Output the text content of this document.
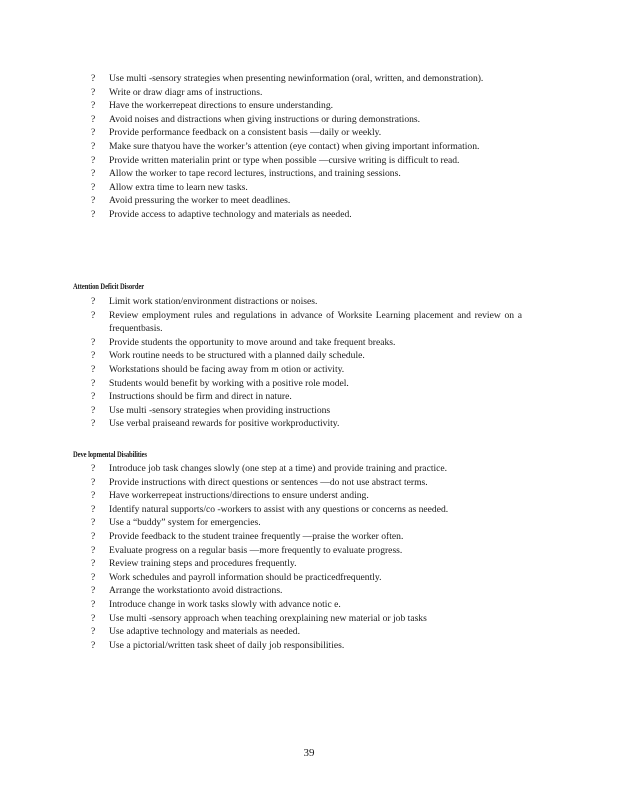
?	Use multi -sensory strategies when presenting newinformation (oral, written, and demonstration).
?	Write or draw diagr ams of instructions.
?	Have the workerrepeat directions to ensure understanding.
?	Avoid noises and distractions when giving instructions or during demonstrations.
?	Provide performance feedback on a consistent basis —daily or weekly.
?	Make sure thatyou have the worker’s attention (eye contact) when giving important information.
?	Provide written materialin print or type when possible —cursive writing is difficult to read.
?	Allow the worker to tape record lectures, instructions, and training sessions.
?	Allow extra time to learn new tasks.
?	Avoid pressuring the worker to meet deadlines.
?	Provide access to adaptive technology and materials as needed.
Attention Deficit Disorder
?	Limit work station/environment distractions or noises.
?	Review employment rules and regulations in advance of Worksite Learning placement and review on a frequentbasis.
?	Provide students the opportunity to move around and take frequent breaks.
?	Work routine needs to be structured with a planned daily schedule.
?	Workstations should be facing away from m otion or activity.
?	Students would benefit by working with a positive role model.
?	Instructions should be firm and direct in nature.
?	Use multi -sensory strategies when providing instructions
?	Use verbal praiseand rewards for positive workproductivity.
Deve lopmental Disabilities
?	Introduce job task changes slowly (one step at a time) and provide training and practice.
?	Provide instructions with direct questions or sentences —do not use abstract terms.
?	Have workerrepeat instructions/directions to ensure underst anding.
?	Identify natural supports/co -workers to assist with any questions or concerns as needed.
?	Use a “buddy” system for emergencies.
?	Provide feedback to the student trainee frequently —praise the worker often.
?	Evaluate progress on a regular basis —more frequently to evaluate progress.
?	Review training steps and procedures frequently.
?	Work schedules and payroll information should be practicedfrequently.
?	Arrange the workstationto avoid distractions.
?	Introduce change in work tasks slowly with advance notic e.
?	Use multi -sensory approach when teaching orexplaining new material or job tasks
?	Use adaptive technology and materials as needed.
?	Use a pictorial/written task sheet of daily job responsibilities.
39
